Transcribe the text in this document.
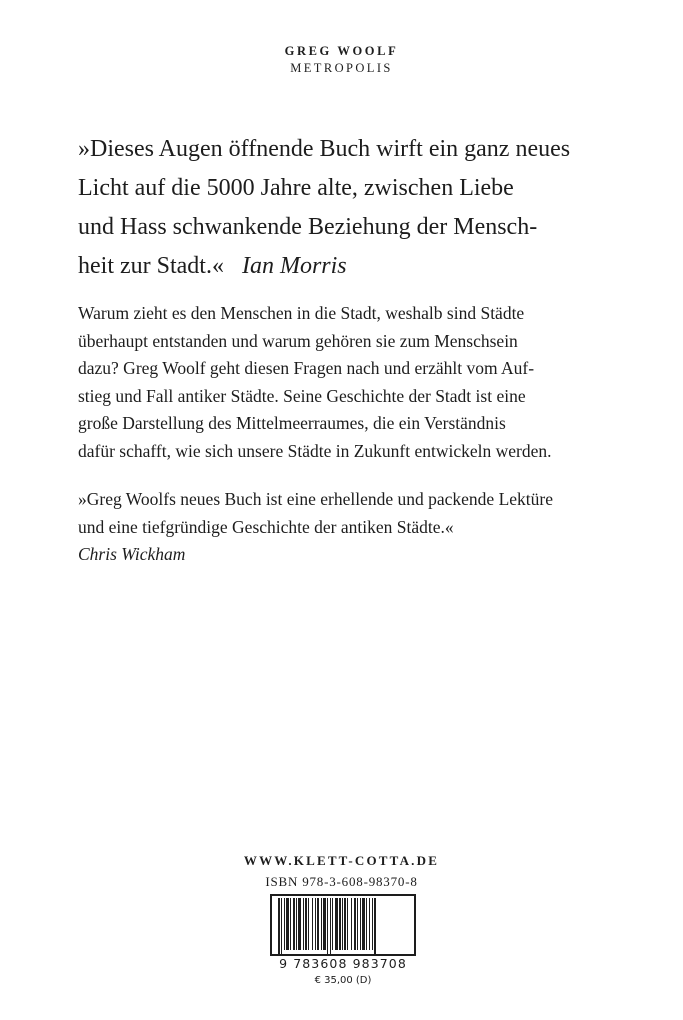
GREG WOOLF
METROPOLIS
»Dieses Augen öffnende Buch wirft ein ganz neues
Licht auf die 5000 Jahre alte, zwischen Liebe
und Hass schwankende Beziehung der Mensch-
heit zur Stadt.« Ian Morris
Warum zieht es den Menschen in die Stadt, weshalb sind Städte
überhaupt entstanden und warum gehören sie zum Menschsein
dazu? Greg Woolf geht diesen Fragen nach und erzählt vom Auf-
stieg und Fall antiker Städte. Seine Geschichte der Stadt ist eine
große Darstellung des Mittelmeerraumes, die ein Verständnis
dafür schafft, wie sich unsere Städte in Zukunft entwickeln werden.
»Greg Woolfs neues Buch ist eine erhellende und packende Lektüre
und eine tiefgründige Geschichte der antiken Städte.«
Chris Wickham
WWW.KLETT-COTTA.DE
ISBN 978-3-608-98370-8
9 783608 983708
€ 35,00 (D)
